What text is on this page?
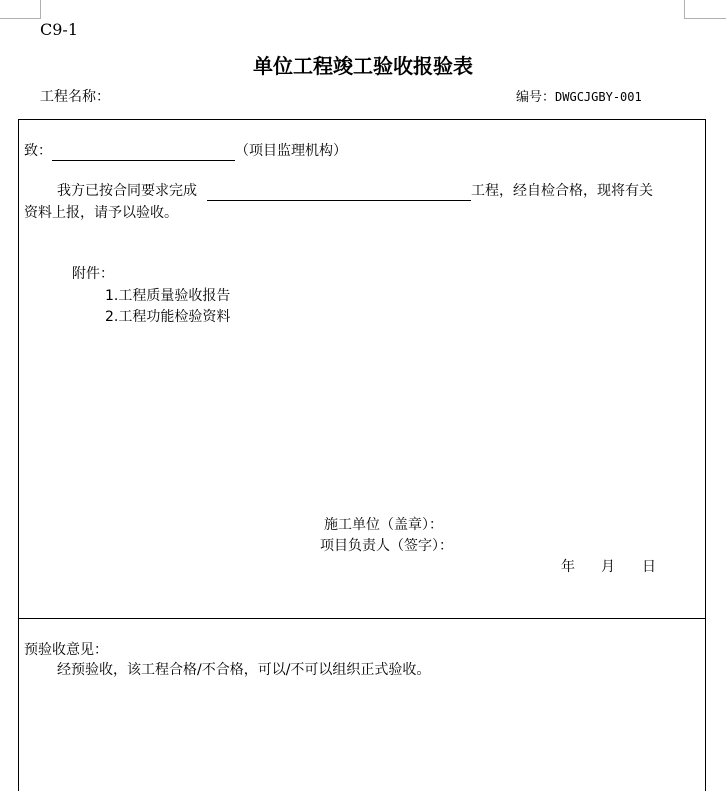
C9-1
单位工程竣工验收报验表
工程名称：	编号：DWGCJGBY-001
致：	（项目监理机构）
我方已按合同要求完成	工程，经自检合格，现将有关
资料上报，请予以验收。
附件：
1.工程质量验收报告
2.工程功能检验资料
施工单位（盖章）：
项目负责人（签字）：
年 月 日
预验收意见：
经预验收，该工程合格/不合格，可以/不可以组织正式验收。
